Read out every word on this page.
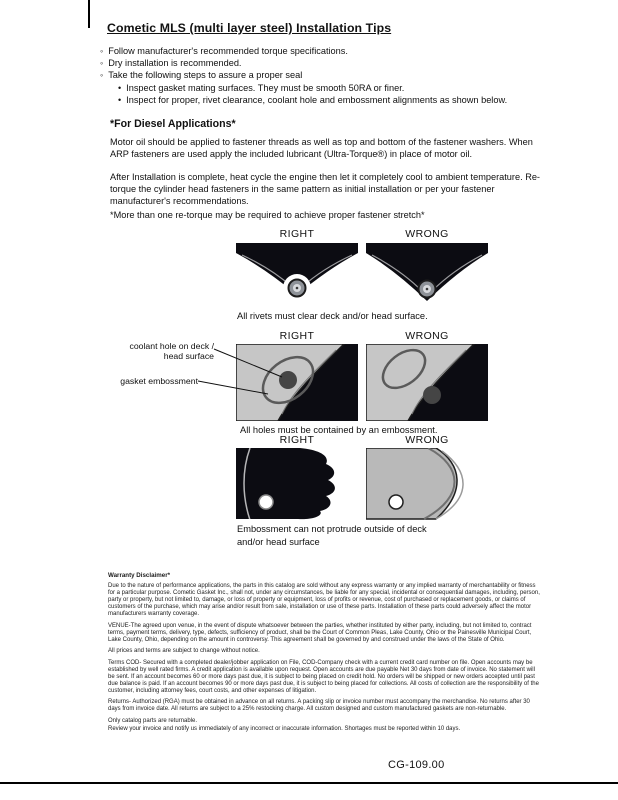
Cometic MLS (multi layer steel) Installation Tips
◦ Follow manufacturer's recommended torque specifications.
◦ Dry installation is recommended.
◦ Take the following steps to assure a proper seal
• Inspect gasket mating surfaces. They must be smooth 50RA or finer.
• Inspect for proper, rivet clearance, coolant hole and embossment alignments as shown below.
*For Diesel Applications*

Motor oil should be applied to fastener threads as well as top and bottom of the fastener washers. When ARP fasteners are used apply the included lubricant (Ultra-Torque®) in place of motor oil.

After Installation is complete, heat cycle the engine then let it completely cool to ambient temperature. Re-torque the cylinder head fasteners in the same pattern as initial installation or per your fastener manufacturer's recommendations.

*More than one re-torque may be required to achieve proper fastener stretch*

RIGHT	WRONG
All rivets must clear deck and/or head surface.
RIGHT	WRONG
coolant hole on deck / head surface
gasket embossment
All holes must be contained by an embossment.
RIGHT	WRONG
Embossment can not protrude outside of deck and/or head surface
Warranty Disclaimer*

Due to the nature of performance applications, the parts in this catalog are sold without any express warranty or any implied warranty of merchantability or fitness for a particular purpose. Cometic Gasket Inc., shall not, under any circumstances, be liable for any special, incidental or consequential damages, including, person, party or property, but not limited to, damage, or loss of property or equipment, loss of profits or revenue, cost of purchased or replacement goods, or claims of customers of the purchase, which may arise and/or result from sale, installation or use of these parts. Installation of these parts could adversely affect the motor manufacturers warranty coverage.

VENUE-The agreed upon venue, in the event of dispute whatsoever between the parties, whether instituted by either party, including, but not limited to, contract terms, payment terms, delivery, type, defects, sufficiency of product, shall be the Court of Common Pleas, Lake County, Ohio or the Painesville Municipal Court, Lake County, Ohio, depending on the amount in controversy. This agreement shall be governed by and construed under the laws of the State of Ohio.

All prices and terms are subject to change without notice.

Terms COD- Secured with a completed dealer/jobber application on File, COD-Company check with a current credit card number on file. Open accounts may be established by well rated firms. A credit application is available upon request. Open accounts are due payable Net 30 days from date of invoice. No statement will be sent. If an account becomes 60 or more days past due, it is subject to being placed on credit hold. No orders will be shipped or new orders accepted until past due balance is paid. If an account becomes 90 or more days past due, it is subject to being placed for collections. All costs of collection are the responsibility of the customer, including attorney fees, court costs, and other expenses of litigation.

Returns- Authorized (RGA) must be obtained in advance on all returns. A packing slip or invoice number must accompany the merchandise. No returns after 30 days from invoice date. All returns are subject to a 25% restocking charge. All custom designed and custom manufactured gaskets are non-returnable.

Only catalog parts are returnable.

Review your invoice and notify us immediately of any incorrect or inaccurate information. Shortages must be reported within 10 days.

CG-109.00
